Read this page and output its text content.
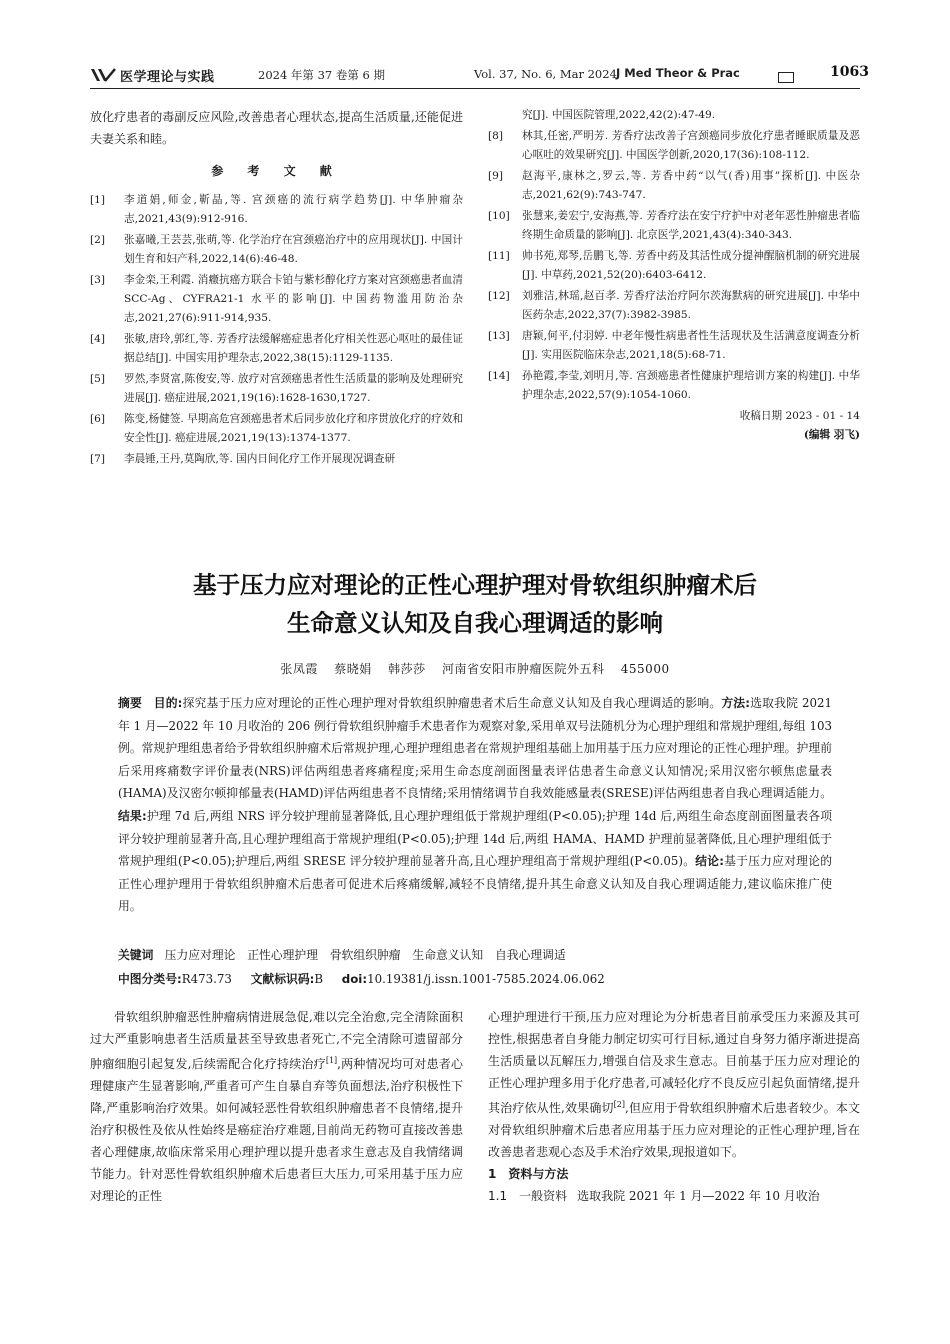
医学理论与实践	2024 年第 37 卷第 6 期	Vol. 37, No. 6, Mar 2024 J Med Theor & Prac	1063

放化疗患者的毒副反应风险,改善患者心理状态,提高生活质量,还能促进夫妻关系和睦。

参 考 文 献
[1] 李道娟,师金,靳晶,等. 宫颈癌的流行病学趋势[J]. 中华肿瘤杂志,2021,43(9):912-916.
[2] 张嘉曦,王芸芸,张萌,等. 化学治疗在宫颈癌治疗中的应用现状[J]. 中国计划生育和妇产科,2022,14(6):46-48.
[3] 李金栾,王利霞. 消癥抗癌方联合卡铂与紫杉醇化疗方案对宫颈癌患者血清 SCC-Ag、CYFRA21-1 水平的影响[J]. 中国药物滥用防治杂志,2021,27(6):911-914,935.
[4] 张敏,唐玲,郭红,等. 芳香疗法缓解癌症患者化疗相关性恶心呕吐的最佳证据总结[J]. 中国实用护理杂志,2022,38(15):1129-1135.
[5] 罗然,李贤富,陈俊安,等. 放疗对宫颈癌患者性生活质量的影响及处理研究进展[J]. 癌症进展,2021,19(16):1628-1630,1727.
[6] 陈变,杨健签. 早期高危宫颈癌患者术后同步放化疗和序贯放化疗的疗效和安全性[J]. 癌症进展,2021,19(13):1374-1377.
[7] 李晨锤,王丹,莫陶欣,等. 国内日间化疗工作开展现况调查研
究[J]. 中国医院管理,2022,42(2):47-49.
[8] 林其,任密,严明芳. 芳香疗法改善子宫颈癌同步放化疗患者睡眠质量及恶心呕吐的效果研究[J]. 中国医学创新,2020,17(36):108-112.
[9] 赵海平,康林之,罗云,等. 芳香中药“以气(香)用事”探析[J]. 中医杂志,2021,62(9):743-747.
[10] 张慧来,姜宏宁,安海燕,等. 芳香疗法在安宁疗护中对老年恶性肿瘤患者临终期生命质量的影响[J]. 北京医学,2021,43(4):340-343.
[11] 帅书苑,郑琴,岳鹏飞,等. 芳香中药及其活性成分提神醒脑机制的研究进展[J]. 中草药,2021,52(20):6403-6412.
[12] 刘雅洁,林瑶,赵百孝. 芳香疗法治疗阿尔茨海默病的研究进展[J]. 中华中医药杂志,2022,37(7):3982-3985.
[13] 唐颖,何平,付羽婷. 中老年慢性病患者性生活现状及生活满意度调查分析[J]. 实用医院临床杂志,2021,18(5):68-71.
[14] 孙艳霞,李莹,刘明月,等. 宫颈癌患者性健康护理培训方案的构建[J]. 中华护理杂志,2022,57(9):1054-1060.
收稿日期 2023 - 01 - 14
(编辑 羽飞)
基于压力应对理论的正性心理护理对骨软组织肿瘤术后
生命意义认知及自我心理调适的影响
张凤霞 蔡晓娟 韩莎莎 河南省安阳市肿瘤医院外五科 455000
摘要 目的:探究基于压力应对理论的正性心理护理对骨软组织肿瘤患者术后生命意义认知及自我心理调适的影响。方法:选取我院 2021 年 1 月—2022 年 10 月收治的 206 例行骨软组织肿瘤手术患者作为观察对象,采用单双号法随机分为心理护理组和常规护理组,每组 103 例。常规护理组患者给予骨软组织肿瘤术后常规护理,心理护理组患者在常规护理组基础上加用基于压力应对理论的正性心理护理。护理前后采用疼痛数字评价量表(NRS)评估两组患者疼痛程度;采用生命态度剖面图量表评估患者生命意义认知情况;采用汉密尔顿焦虑量表(HAMA)及汉密尔顿抑郁量表(HAMD)评估两组患者不良情绪;采用情绪调节自我效能感量表(SRESE)评估两组患者自我心理调适能力。结果:护理 7d 后,两组 NRS 评分较护理前显著降低,且心理护理组低于常规护理组(P<0.05);护理 14d 后,两组生命态度剖面图量表各项评分较护理前显著升高,且心理护理组高于常规护理组(P<0.05);护理 14d 后,两组 HAMA、HAMD 护理前显著降低,且心理护理组低于常规护理组(P<0.05);护理后,两组 SRESE 评分较护理前显著升高,且心理护理组高于常规护理组(P<0.05)。结论:基于压力应对理论的正性心理护理用于骨软组织肿瘤术后患者可促进术后疼痛缓解,减轻不良情绪,提升其生命意义认知及自我心理调适能力,建议临床推广使用。
关键词 压力应对理论　正性心理护理　骨软组织肿瘤　生命意义认知　自我心理调适
中图分类号:R473.73 文献标识码:B doi:10.19381/j.issn.1001-7585.2024.06.062

骨软组织肿瘤恶性肿瘤病情进展急促,难以完全治愈,完全清除面积过大严重影响患者生活质量甚至导致患者死亡,不完全清除可遗留部分肿瘤细胞引起复发,后续需配合化疗持续治疗[1],两种情况均可对患者心理健康产生显著影响,严重者可产生自暴自弃等负面想法,治疗积极性下降,严重影响治疗效果。如何减轻恶性骨软组织肿瘤患者不良情绪,提升治疗积极性及依从性始终是癌症治疗难题,目前尚无药物可直接改善患者心理健康,故临床常采用心理护理以提升患者求生意志及自我情绪调节能力。针对恶性骨软组织肿瘤术后患者巨大压力,可采用基于压力应对理论的正性

心理护理进行干预,压力应对理论为分析患者目前承受压力来源及其可控性,根据患者自身能力制定切实可行目标,通过自身努力循序渐进提高生活质量以瓦解压力,增强自信及求生意志。目前基于压力应对理论的正性心理护理多用于化疗患者,可减轻化疗不良反应引起负面情绪,提升其治疗依从性,效果确切[2],但应用于骨软组织肿瘤术后患者较少。本文对骨软组织肿瘤术后患者应用基于压力应对理论的正性心理护理,旨在改善患者悲观心态及手术治疗效果,现报道如下。

1　资料与方法

1.1　一般资料 选取我院 2021 年 1 月—2022 年 10 月收治
